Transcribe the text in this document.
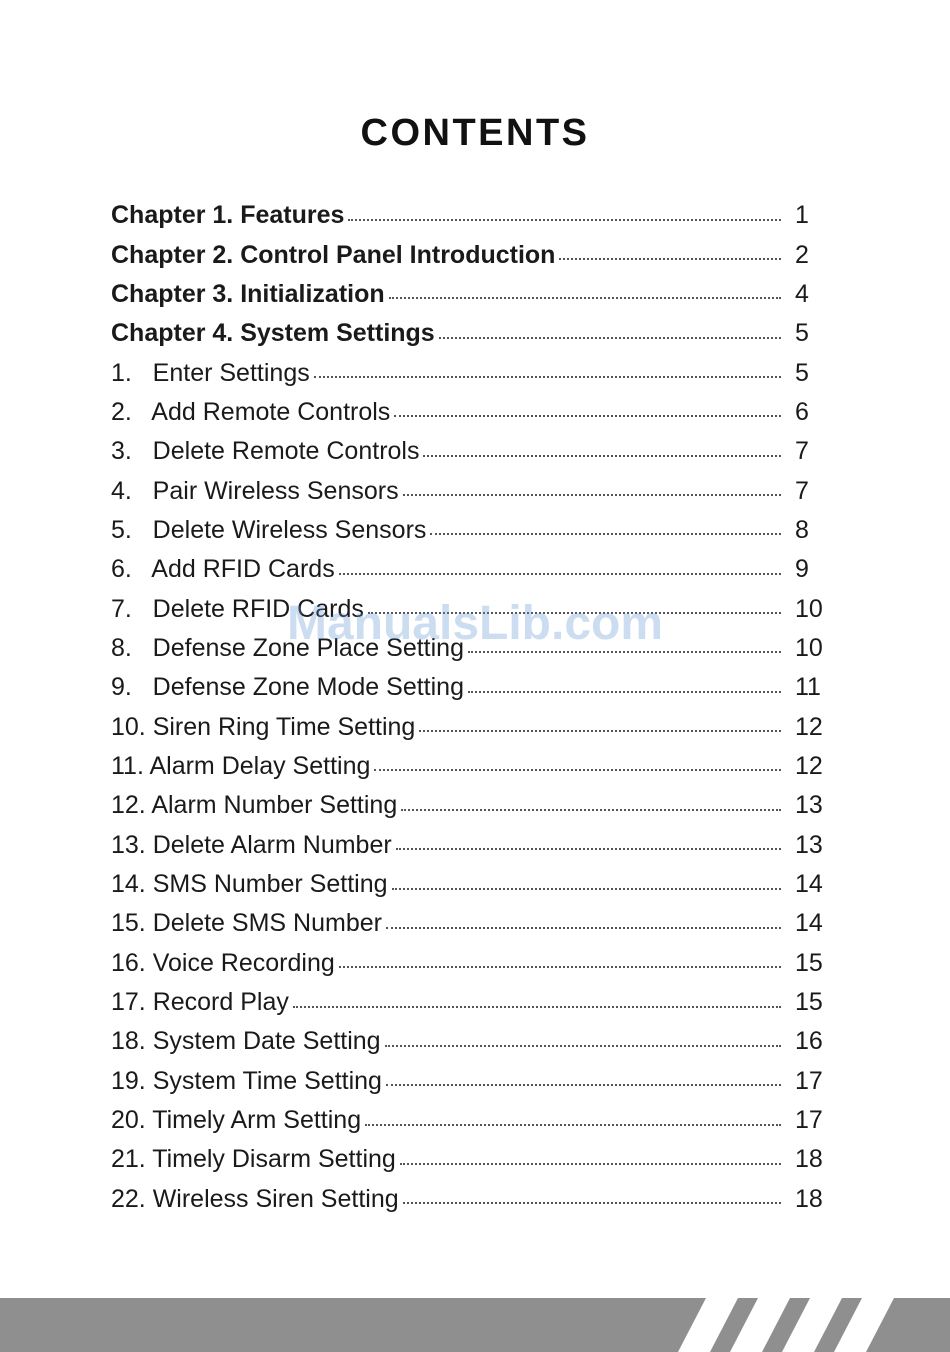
CONTENTS
Chapter 1. Features	1
Chapter 2. Control Panel Introduction	2
Chapter 3. Initialization	4
Chapter 4. System Settings	5
1.   Enter Settings	5
2.   Add Remote Controls	6
3.   Delete Remote Controls	7
4.   Pair Wireless Sensors	7
5.   Delete Wireless Sensors	8
6.   Add RFID Cards	9
7.   Delete RFID Cards	10
8.   Defense Zone Place Setting	10
9.   Defense Zone Mode Setting	11
10. Siren Ring Time Setting	12
11. Alarm Delay Setting	12
12. Alarm Number Setting	13
13. Delete Alarm Number	13
14. SMS Number Setting	14
15. Delete SMS Number	14
16. Voice Recording	15
17. Record Play	15
18. System Date Setting	16
19. System Time Setting	17
20. Timely Arm Setting	17
21. Timely Disarm Setting	18
22. Wireless Siren Setting	18
ManualsLib.com
